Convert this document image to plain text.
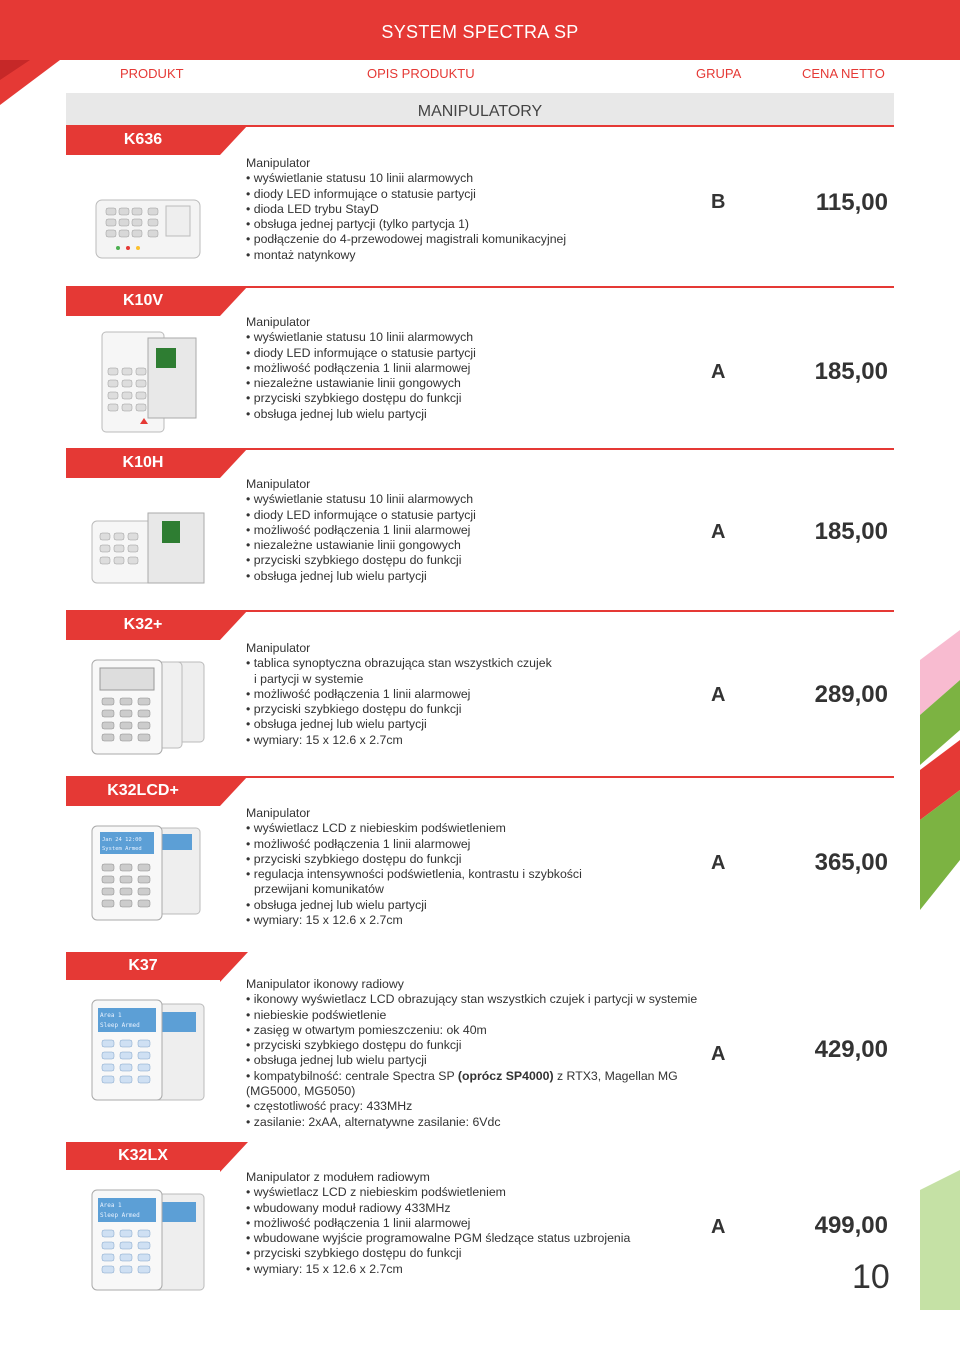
SYSTEM SPECTRA SP
PRODUKT	OPIS PRODUKTU	GRUPA	CENA NETTO
MANIPULATORY
K636
Manipulator
• wyświetlanie statusu 10 linii alarmowych
• diody LED informujące o statusie partycji
• dioda LED trybu StayD
• obsługa jednej partycji (tylko partycja 1)
• podłączenie do 4-przewodowej magistrali komunikacyjnej
• montaż natynkowy
B	115,00
K10V
Manipulator
• wyświetlanie statusu 10 linii alarmowych
• diody LED informujące o statusie partycji
• możliwość podłączenia 1 linii alarmowej
• niezależne ustawianie linii gongowych
• przyciski szybkiego dostępu do funkcji
• obsługa jednej lub wielu partycji
A	185,00
K10H
Manipulator
• wyświetlanie statusu 10 linii alarmowych
• diody LED informujące o statusie partycji
• możliwość podłączenia 1 linii alarmowej
• niezależne ustawianie linii gongowych
• przyciski szybkiego dostępu do funkcji
• obsługa jednej lub wielu partycji
A	185,00
K32+
Manipulator
• tablica synoptyczna obrazująca stan wszystkich czujek
i partycji w systemie
• możliwość podłączenia 1 linii alarmowej
• przyciski szybkiego dostępu do funkcji
• obsługa jednej lub wielu partycji
• wymiary: 15 x 12.6 x 2.7cm
A	289,00
K32LCD+
Jan 24 12:00
System Armed
Manipulator
• wyświetlacz LCD z niebieskim podświetleniem
• możliwość podłączenia 1 linii alarmowej
• przyciski szybkiego dostępu do funkcji
• regulacja intensywności podświetlenia, kontrastu i szybkości
przewijani komunikatów
• obsługa jednej lub wielu partycji
• wymiary: 15 x 12.6 x 2.7cm
A	365,00
K37
Area 1
Sleep Armed
Manipulator ikonowy radiowy
• ikonowy wyświetlacz LCD obrazujący stan wszystkich czujek i partycji w systemie
• niebieskie podświetlenie
• zasięg w otwartym pomieszczeniu: ok 40m
• przyciski szybkiego dostępu do funkcji
• obsługa jednej lub wielu partycji
• kompatybilność: centrale Spectra SP (oprócz SP4000) z RTX3, Magellan MG
(MG5000, MG5050)
• częstotliwość pracy: 433MHz
• zasilanie: 2xAA, alternatywne zasilanie: 6Vdc
A	429,00
K32LX
Area 1
Sleep Armed
Manipulator z modułem radiowym
• wyświetlacz LCD z niebieskim podświetleniem
• wbudowany moduł radiowy 433MHz
• możliwość podłączenia 1 linii alarmowej
• wbudowane wyjście programowalne PGM śledzące status uzbrojenia
• przyciski szybkiego dostępu do funkcji
• wymiary: 15 x 12.6 x 2.7cm
A	499,00
10
